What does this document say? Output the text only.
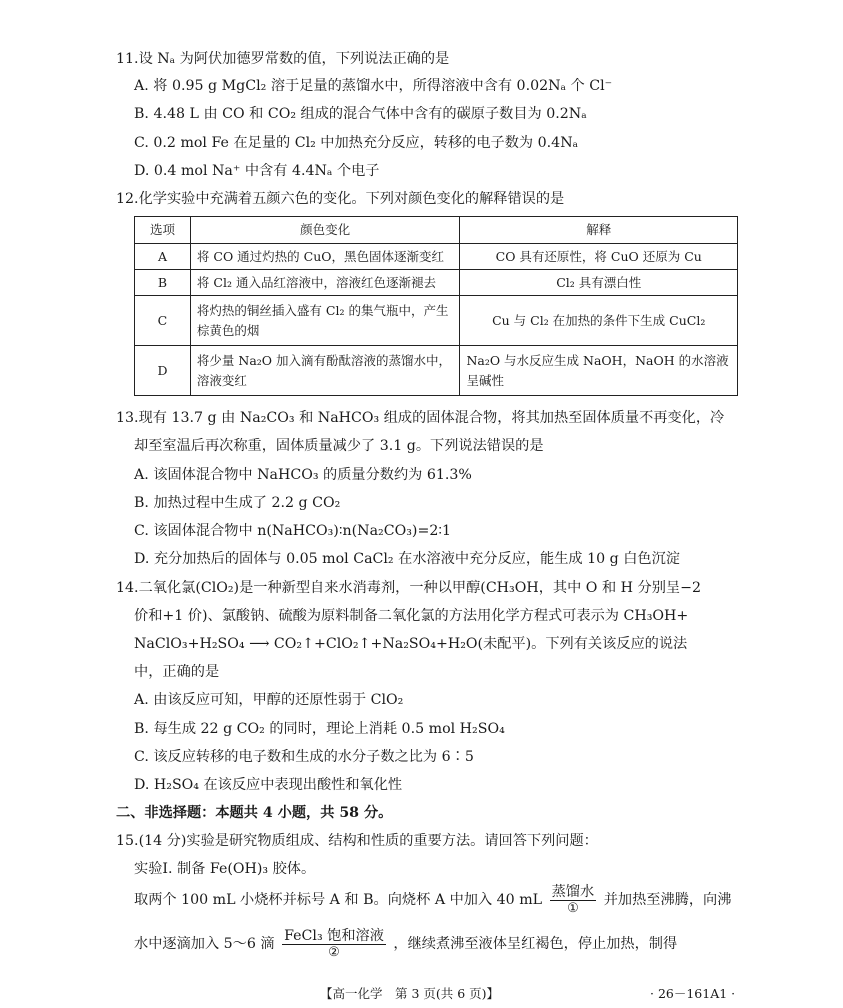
11.设 Nₐ 为阿伏加德罗常数的值，下列说法正确的是
A. 将 0.95 g MgCl₂ 溶于足量的蒸馏水中，所得溶液中含有 0.02Nₐ 个 Cl⁻
B. 4.48 L 由 CO 和 CO₂ 组成的混合气体中含有的碳原子数目为 0.2Nₐ
C. 0.2 mol Fe 在足量的 Cl₂ 中加热充分反应，转移的电子数为 0.4Nₐ
D. 0.4 mol Na⁺ 中含有 4.4Nₐ 个电子
12.化学实验中充满着五颜六色的变化。下列对颜色变化的解释错误的是
选项	颜色变化	解释
A	将 CO 通过灼热的 CuO，黑色固体逐渐变红	CO 具有还原性，将 CuO 还原为 Cu
B	将 Cl₂ 通入品红溶液中，溶液红色逐渐褪去	Cl₂ 具有漂白性
C	将灼热的铜丝插入盛有 Cl₂ 的集气瓶中，产生棕黄色的烟	Cu 与 Cl₂ 在加热的条件下生成 CuCl₂
D	将少量 Na₂O 加入滴有酚酞溶液的蒸馏水中，溶液变红	Na₂O 与水反应生成 NaOH，NaOH 的水溶液呈碱性
13.现有 13.7 g 由 Na₂CO₃ 和 NaHCO₃ 组成的固体混合物，将其加热至固体质量不再变化，冷
却至室温后再次称重，固体质量减少了 3.1 g。下列说法错误的是
A. 该固体混合物中 NaHCO₃ 的质量分数约为 61.3%
B. 加热过程中生成了 2.2 g CO₂
C. 该固体混合物中 n(NaHCO₃)∶n(Na₂CO₃)=2∶1
D. 充分加热后的固体与 0.05 mol CaCl₂ 在水溶液中充分反应，能生成 10 g 白色沉淀
14.二氧化氯(ClO₂)是一种新型自来水消毒剂，一种以甲醇(CH₃OH，其中 O 和 H 分别呈−2
价和+1 价)、氯酸钠、硫酸为原料制备二氧化氯的方法用化学方程式可表示为 CH₃OH+
NaClO₃+H₂SO₄ ⟶ CO₂↑+ClO₂↑+Na₂SO₄+H₂O(未配平)。下列有关该反应的说法
中，正确的是
A. 由该反应可知，甲醇的还原性弱于 ClO₂
B. 每生成 22 g CO₂ 的同时，理论上消耗 0.5 mol H₂SO₄
C. 该反应转移的电子数和生成的水分子数之比为 6∶5
D. H₂SO₄ 在该反应中表现出酸性和氧化性
二、非选择题：本题共 4 小题，共 58 分。
15.(14 分)实验是研究物质组成、结构和性质的重要方法。请回答下列问题：
实验Ⅰ. 制备 Fe(OH)₃ 胶体。
取两个 100 mL 小烧杯并标号 A 和 B。向烧杯 A 中加入 40 mL $\frac{\text{蒸馏水}}{\text{①}}$ 并加热至沸腾，向沸
水中逐滴加入 5～6 滴 $\frac{\text{FeCl₃ 饱和溶液}}{\text{②}}$ ，继续煮沸至液体呈红褐色，停止加热，制得
【高一化学　第 3 页(共 6 页)】	· 26－161A1 ·
